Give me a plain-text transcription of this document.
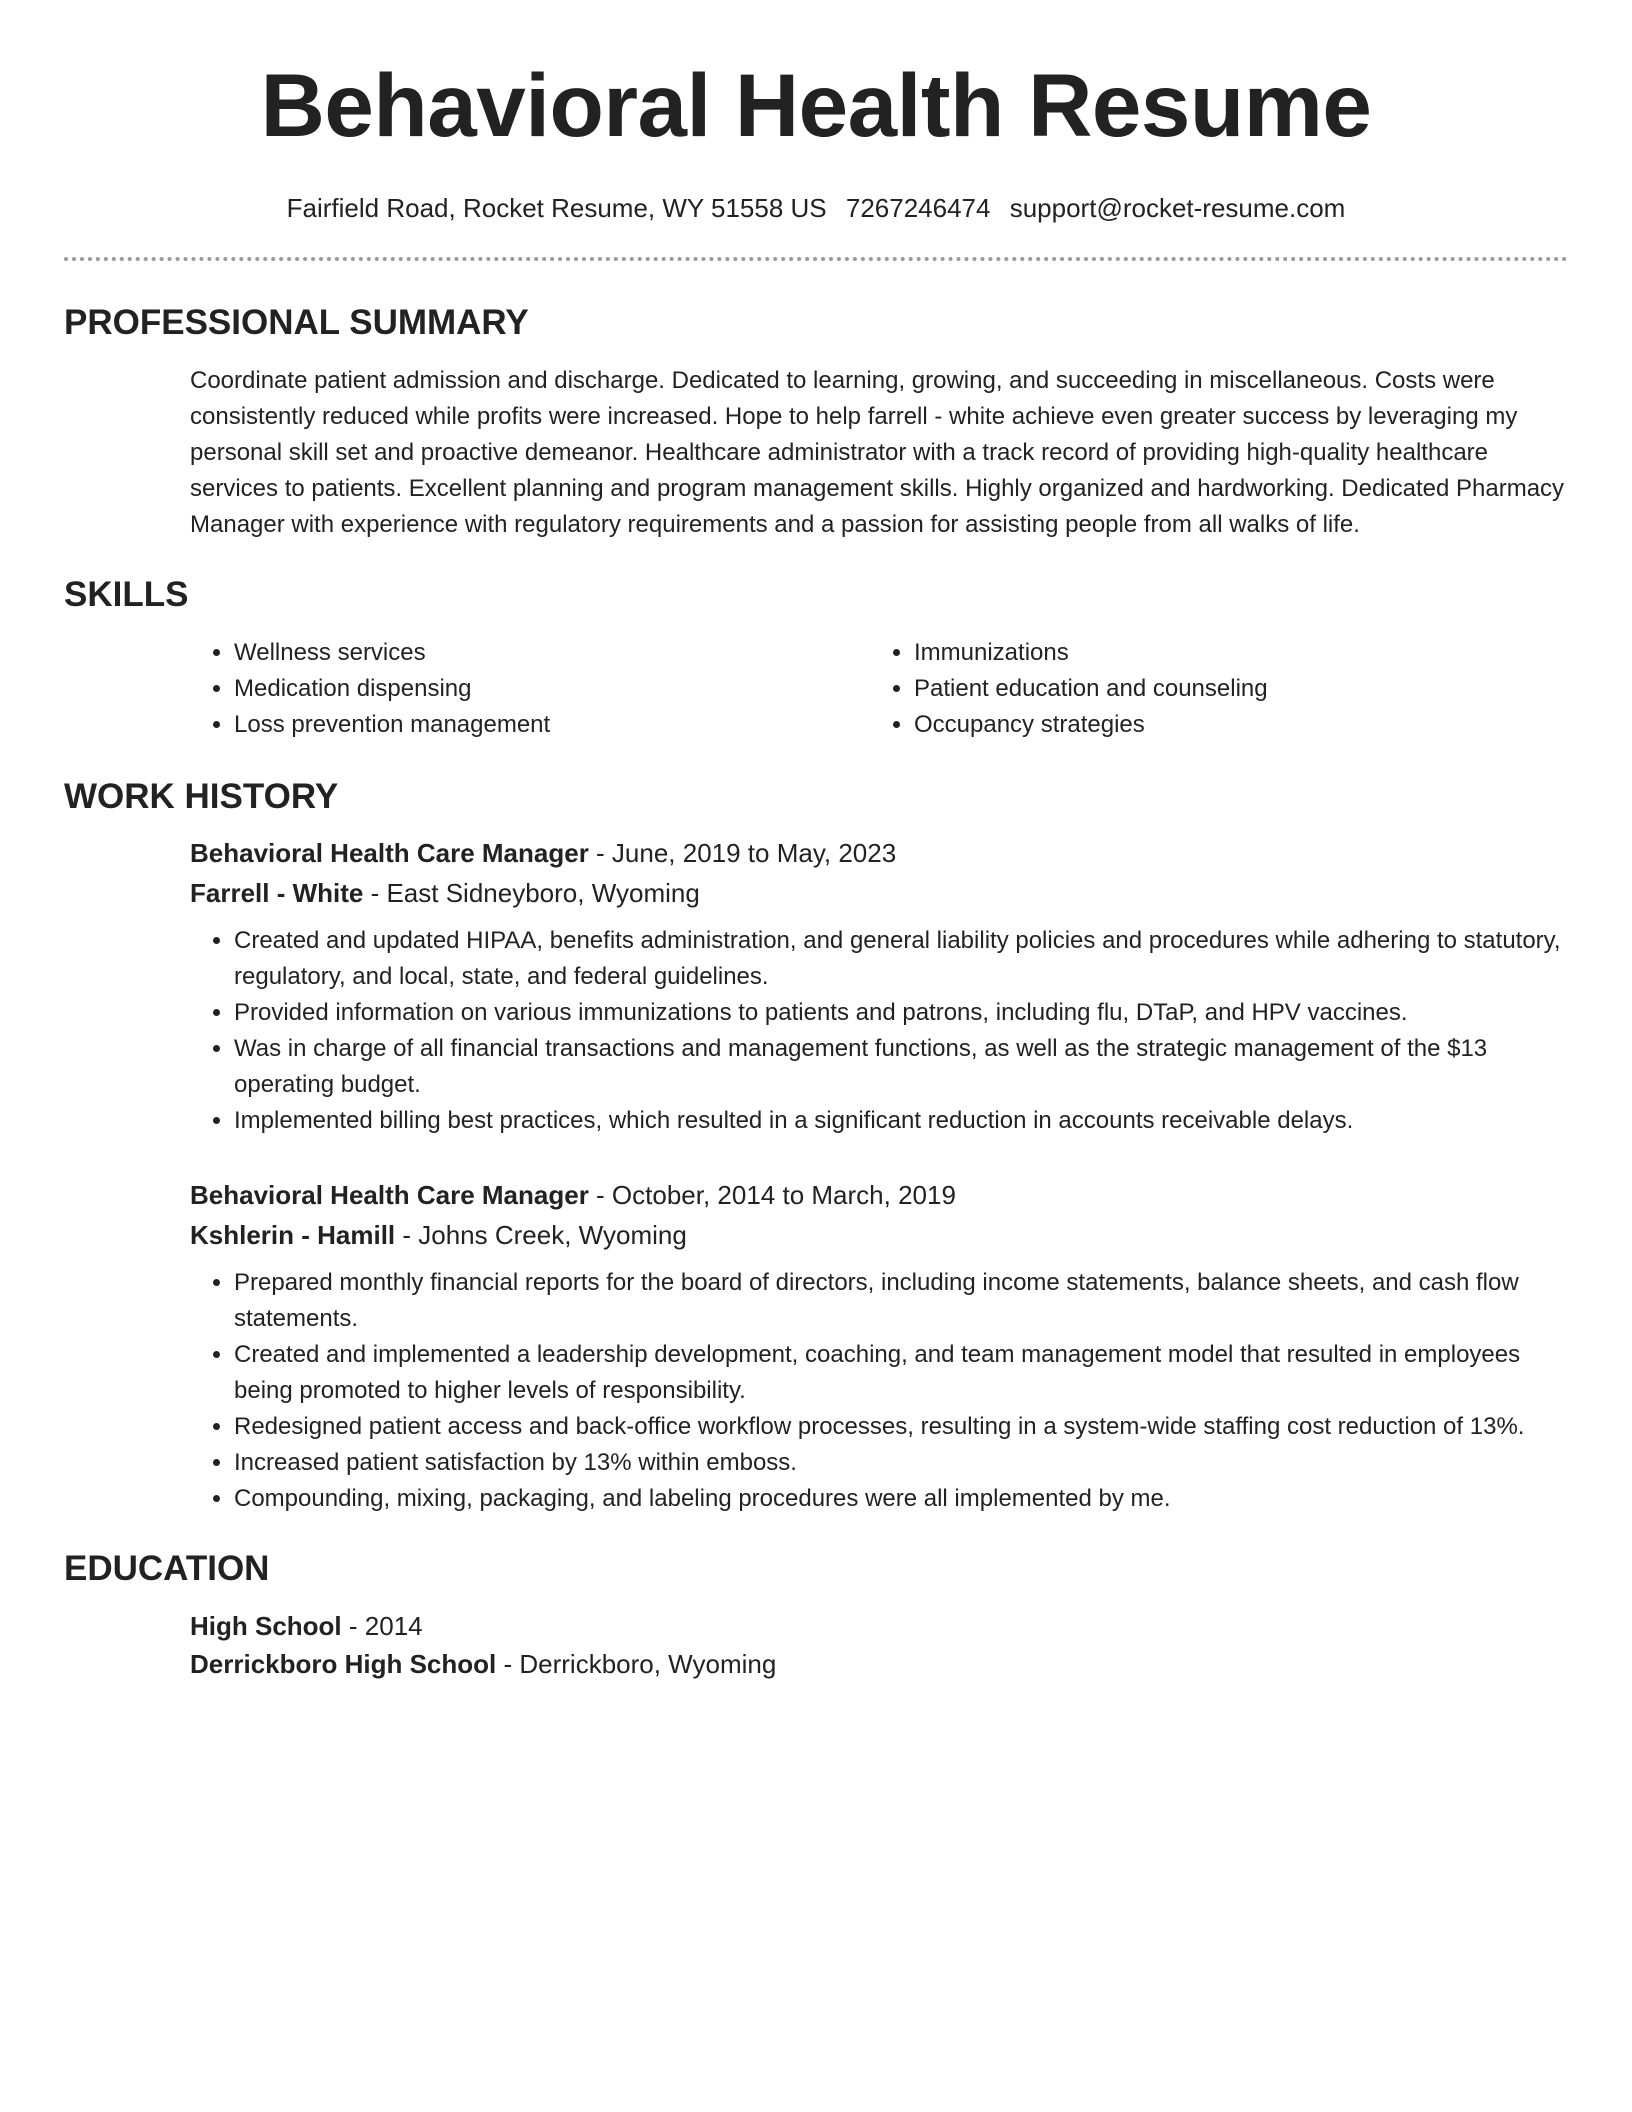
Behavioral Health Resume
Fairfield Road, Rocket Resume, WY 51558 US 7267246474 support@rocket-resume.com
PROFESSIONAL SUMMARY

Coordinate patient admission and discharge. Dedicated to learning, growing, and succeeding in miscellaneous. Costs were consistently reduced while profits were increased. Hope to help farrell - white achieve even greater success by leveraging my personal skill set and proactive demeanor. Healthcare administrator with a track record of providing high-quality healthcare services to patients. Excellent planning and program management skills. Highly organized and hardworking. Dedicated Pharmacy Manager with experience with regulatory requirements and a passion for assisting people from all walks of life.

SKILLS
• Wellness services
• Medication dispensing
• Loss prevention management
• Immunizations
• Patient education and counseling
• Occupancy strategies
WORK HISTORY
Behavioral Health Care Manager - June, 2019 to May, 2023
Farrell - White - East Sidneyboro, Wyoming
• Created and updated HIPAA, benefits administration, and general liability policies and procedures while adhering to statutory, regulatory, and local, state, and federal guidelines.
• Provided information on various immunizations to patients and patrons, including flu, DTaP, and HPV vaccines.
• Was in charge of all financial transactions and management functions, as well as the strategic management of the $13 operating budget.
• Implemented billing best practices, which resulted in a significant reduction in accounts receivable delays.
Behavioral Health Care Manager - October, 2014 to March, 2019
Kshlerin - Hamill - Johns Creek, Wyoming
• Prepared monthly financial reports for the board of directors, including income statements, balance sheets, and cash flow statements.
• Created and implemented a leadership development, coaching, and team management model that resulted in employees being promoted to higher levels of responsibility.
• Redesigned patient access and back-office workflow processes, resulting in a system-wide staffing cost reduction of 13%.
• Increased patient satisfaction by 13% within emboss.
• Compounding, mixing, packaging, and labeling procedures were all implemented by me.
EDUCATION
High School - 2014
Derrickboro High School - Derrickboro, Wyoming
